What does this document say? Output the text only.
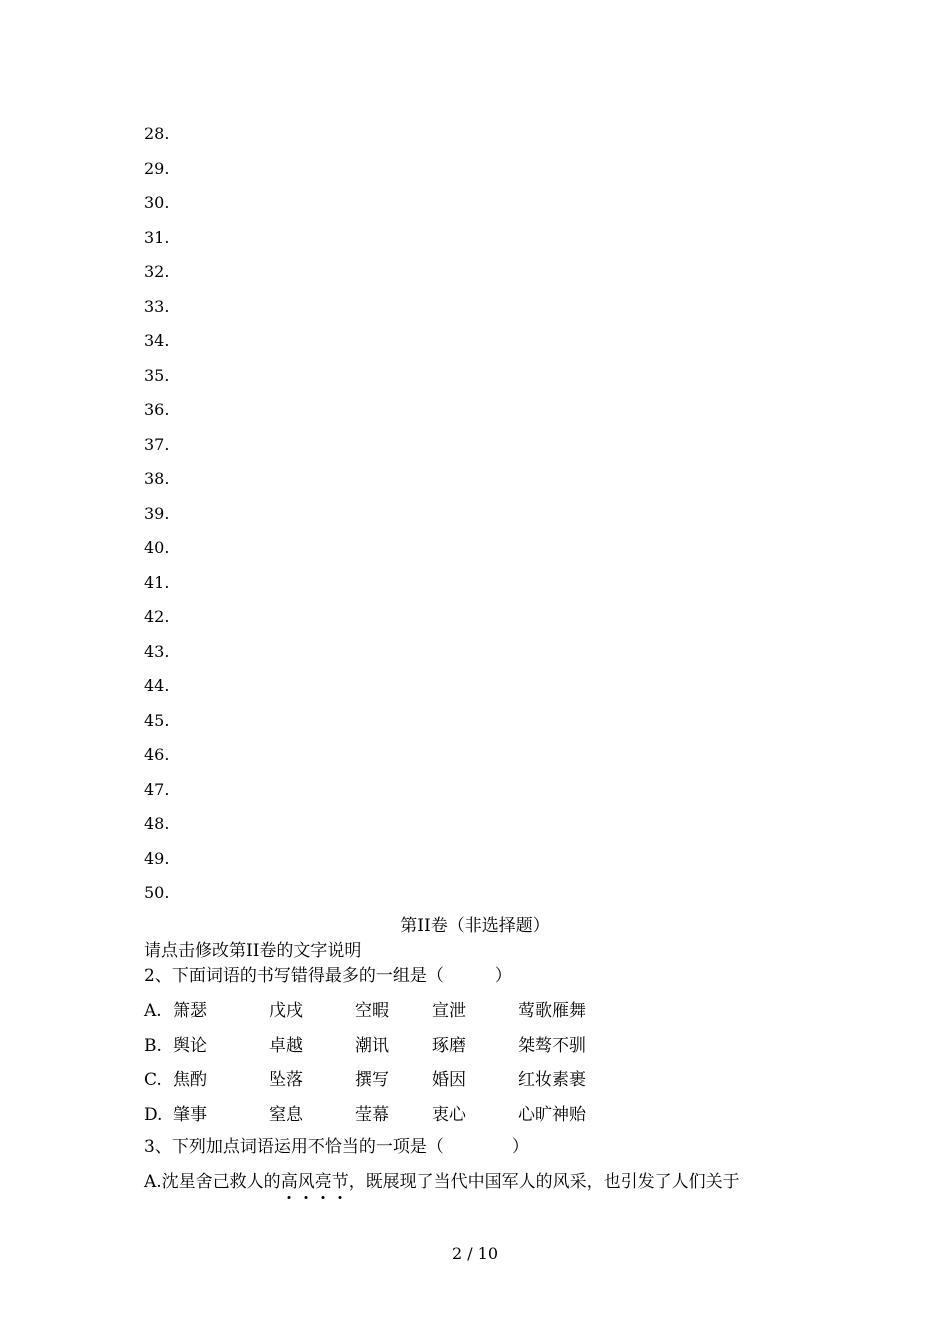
28.
29.
30.
31.
32.
33.
34.
35.
36.
37.
38.
39.
40.
41.
42.
43.
44.
45.
46.
47.
48.
49.
50.
第II卷（非选择题）
请点击修改第II卷的文字说明
2、下面词语的书写错得最多的一组是（　　　）
A. 箫瑟	戊戌	空暇	宣泄	莺歌雁舞
B. 舆论	卓越	潮讯	琢磨	桀骜不驯
C. 焦酌	坠落	撰写	婚因	红妆素裹
D. 肇事	窒息	莹幕	衷心	心旷神贻
3、下列加点词语运用不恰当的一项是（　　　　）
A.沈星舍己救人的高风亮节，既展现了当代中国军人的风采，也引发了人们关于
2 / 10
